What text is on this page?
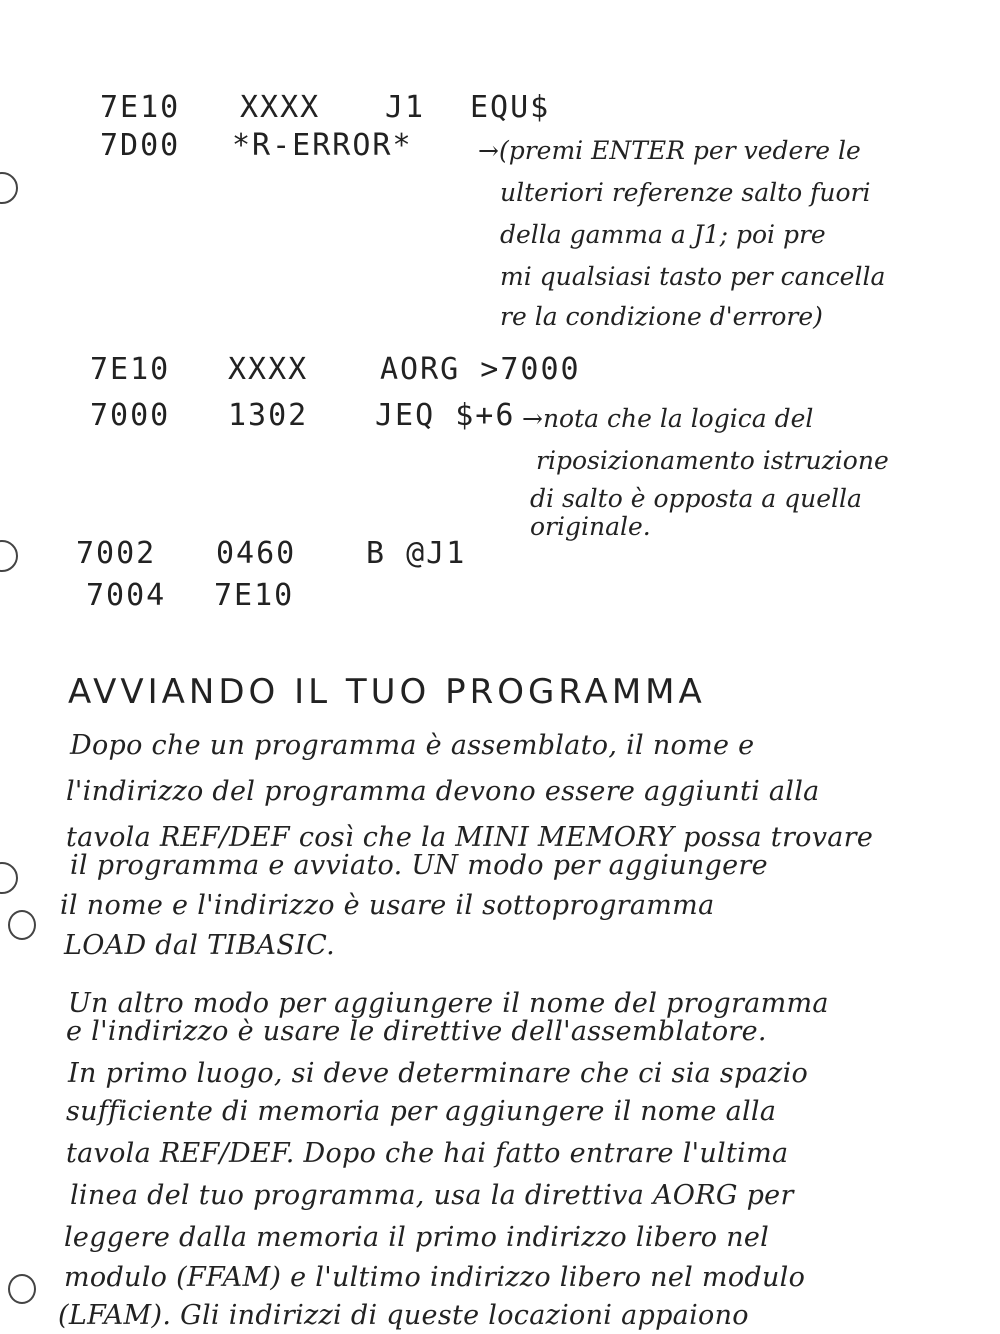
7E10 XXXX J1 EQU$
7D00 *R-ERROR*	→(premi ENTER per vedere le
ulteriori referenze salto fuori
della gamma a J1; poi pre
mi qualsiasi tasto per cancella
re la condizione d'errore)
7E10 XXXX AORG >7000
7000 1302 JEQ $+6 →nota che la logica del
riposizionamento istruzione
di salto è opposta a quella
originale.
7002 0460 B @J1
7004 7E10
AVVIANDO IL TUO PROGRAMMA
Dopo che un programma è assemblato, il nome e
l'indirizzo del programma devono essere aggiunti alla
tavola REF/DEF così che la MINI MEMORY possa trovare
il programma e avviato. UN modo per aggiungere
il nome e l'indirizzo è usare il sottoprogramma
LOAD dal TIBASIC.
Un altro modo per aggiungere il nome del programma
e l'indirizzo è usare le direttive dell'assemblatore.
In primo luogo, si deve determinare che ci sia spazio
sufficiente di memoria per aggiungere il nome alla
tavola REF/DEF. Dopo che hai fatto entrare l'ultima
linea del tuo programma, usa la direttiva AORG per
leggere dalla memoria il primo indirizzo libero nel
modulo (FFAM) e l'ultimo indirizzo libero nel modulo
(LFAM). Gli indirizzi di queste locazioni appaiono
